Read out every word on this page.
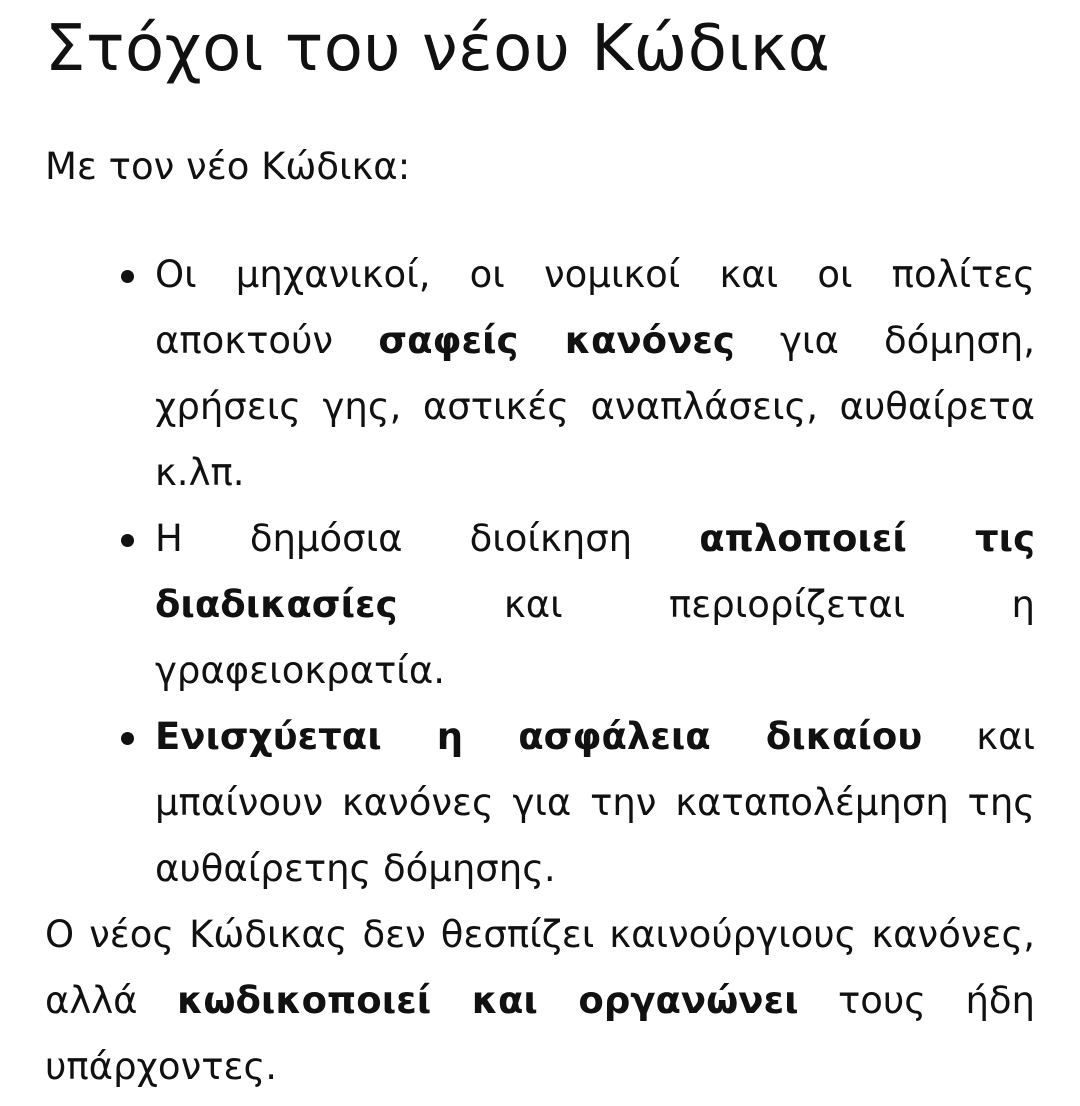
Στόχοι του νέου Κώδικα

Με τον νέο Κώδικα:

Οι μηχανικοί, οι νομικοί και οι πολίτες αποκτούν σαφείς κανόνες για δόμηση, χρήσεις γης, αστικές αναπλάσεις, αυθαίρετα κ.λπ.
Η δημόσια διοίκηση απλοποιεί τις διαδικασίες και περιορίζεται η γραφειοκρατία.
Ενισχύεται η ασφάλεια δικαίου και μπαίνουν κανόνες για την καταπολέμηση της αυθαίρετης δόμησης.

Ο νέος Κώδικας δεν θεσπίζει καινούργιους κανόνες, αλλά κωδικοποιεί και οργανώνει τους ήδη υπάρχοντες.
